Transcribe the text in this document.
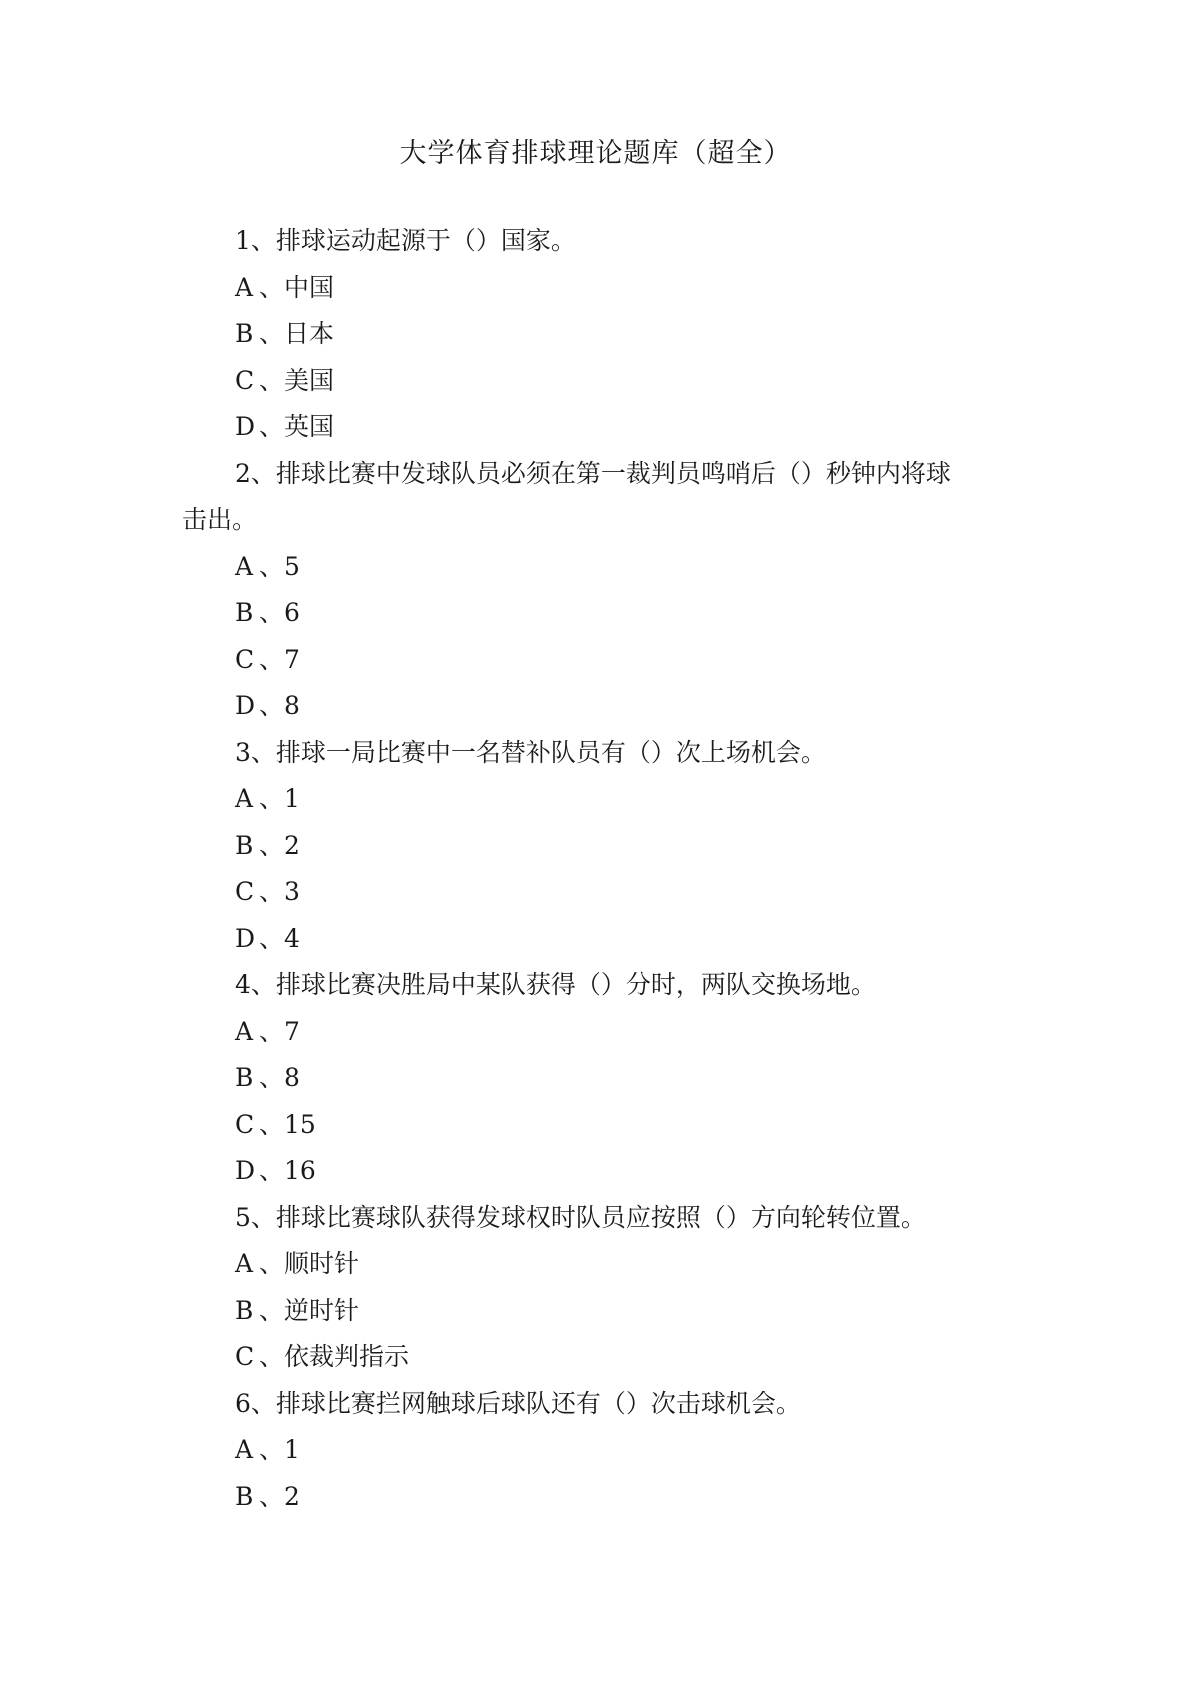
大学体育排球理论题库（超全）
1、排球运动起源于（）国家。
A 、中国
B 、日本
C 、美国
D 、英国
2、排球比赛中发球队员必须在第一裁判员鸣哨后（）秒钟内将球
击出。
A 、5
B 、6
C 、7
D 、8
3、排球一局比赛中一名替补队员有（）次上场机会。
A 、1
B 、2
C 、3
D 、4
4、排球比赛决胜局中某队获得（）分时，两队交换场地。
A 、7
B 、8
C 、15
D 、16
5、排球比赛球队获得发球权时队员应按照（）方向轮转位置。
A 、顺时针
B 、逆时针
C 、依裁判指示
6、排球比赛拦网触球后球队还有（）次击球机会。
A 、1
B 、2
